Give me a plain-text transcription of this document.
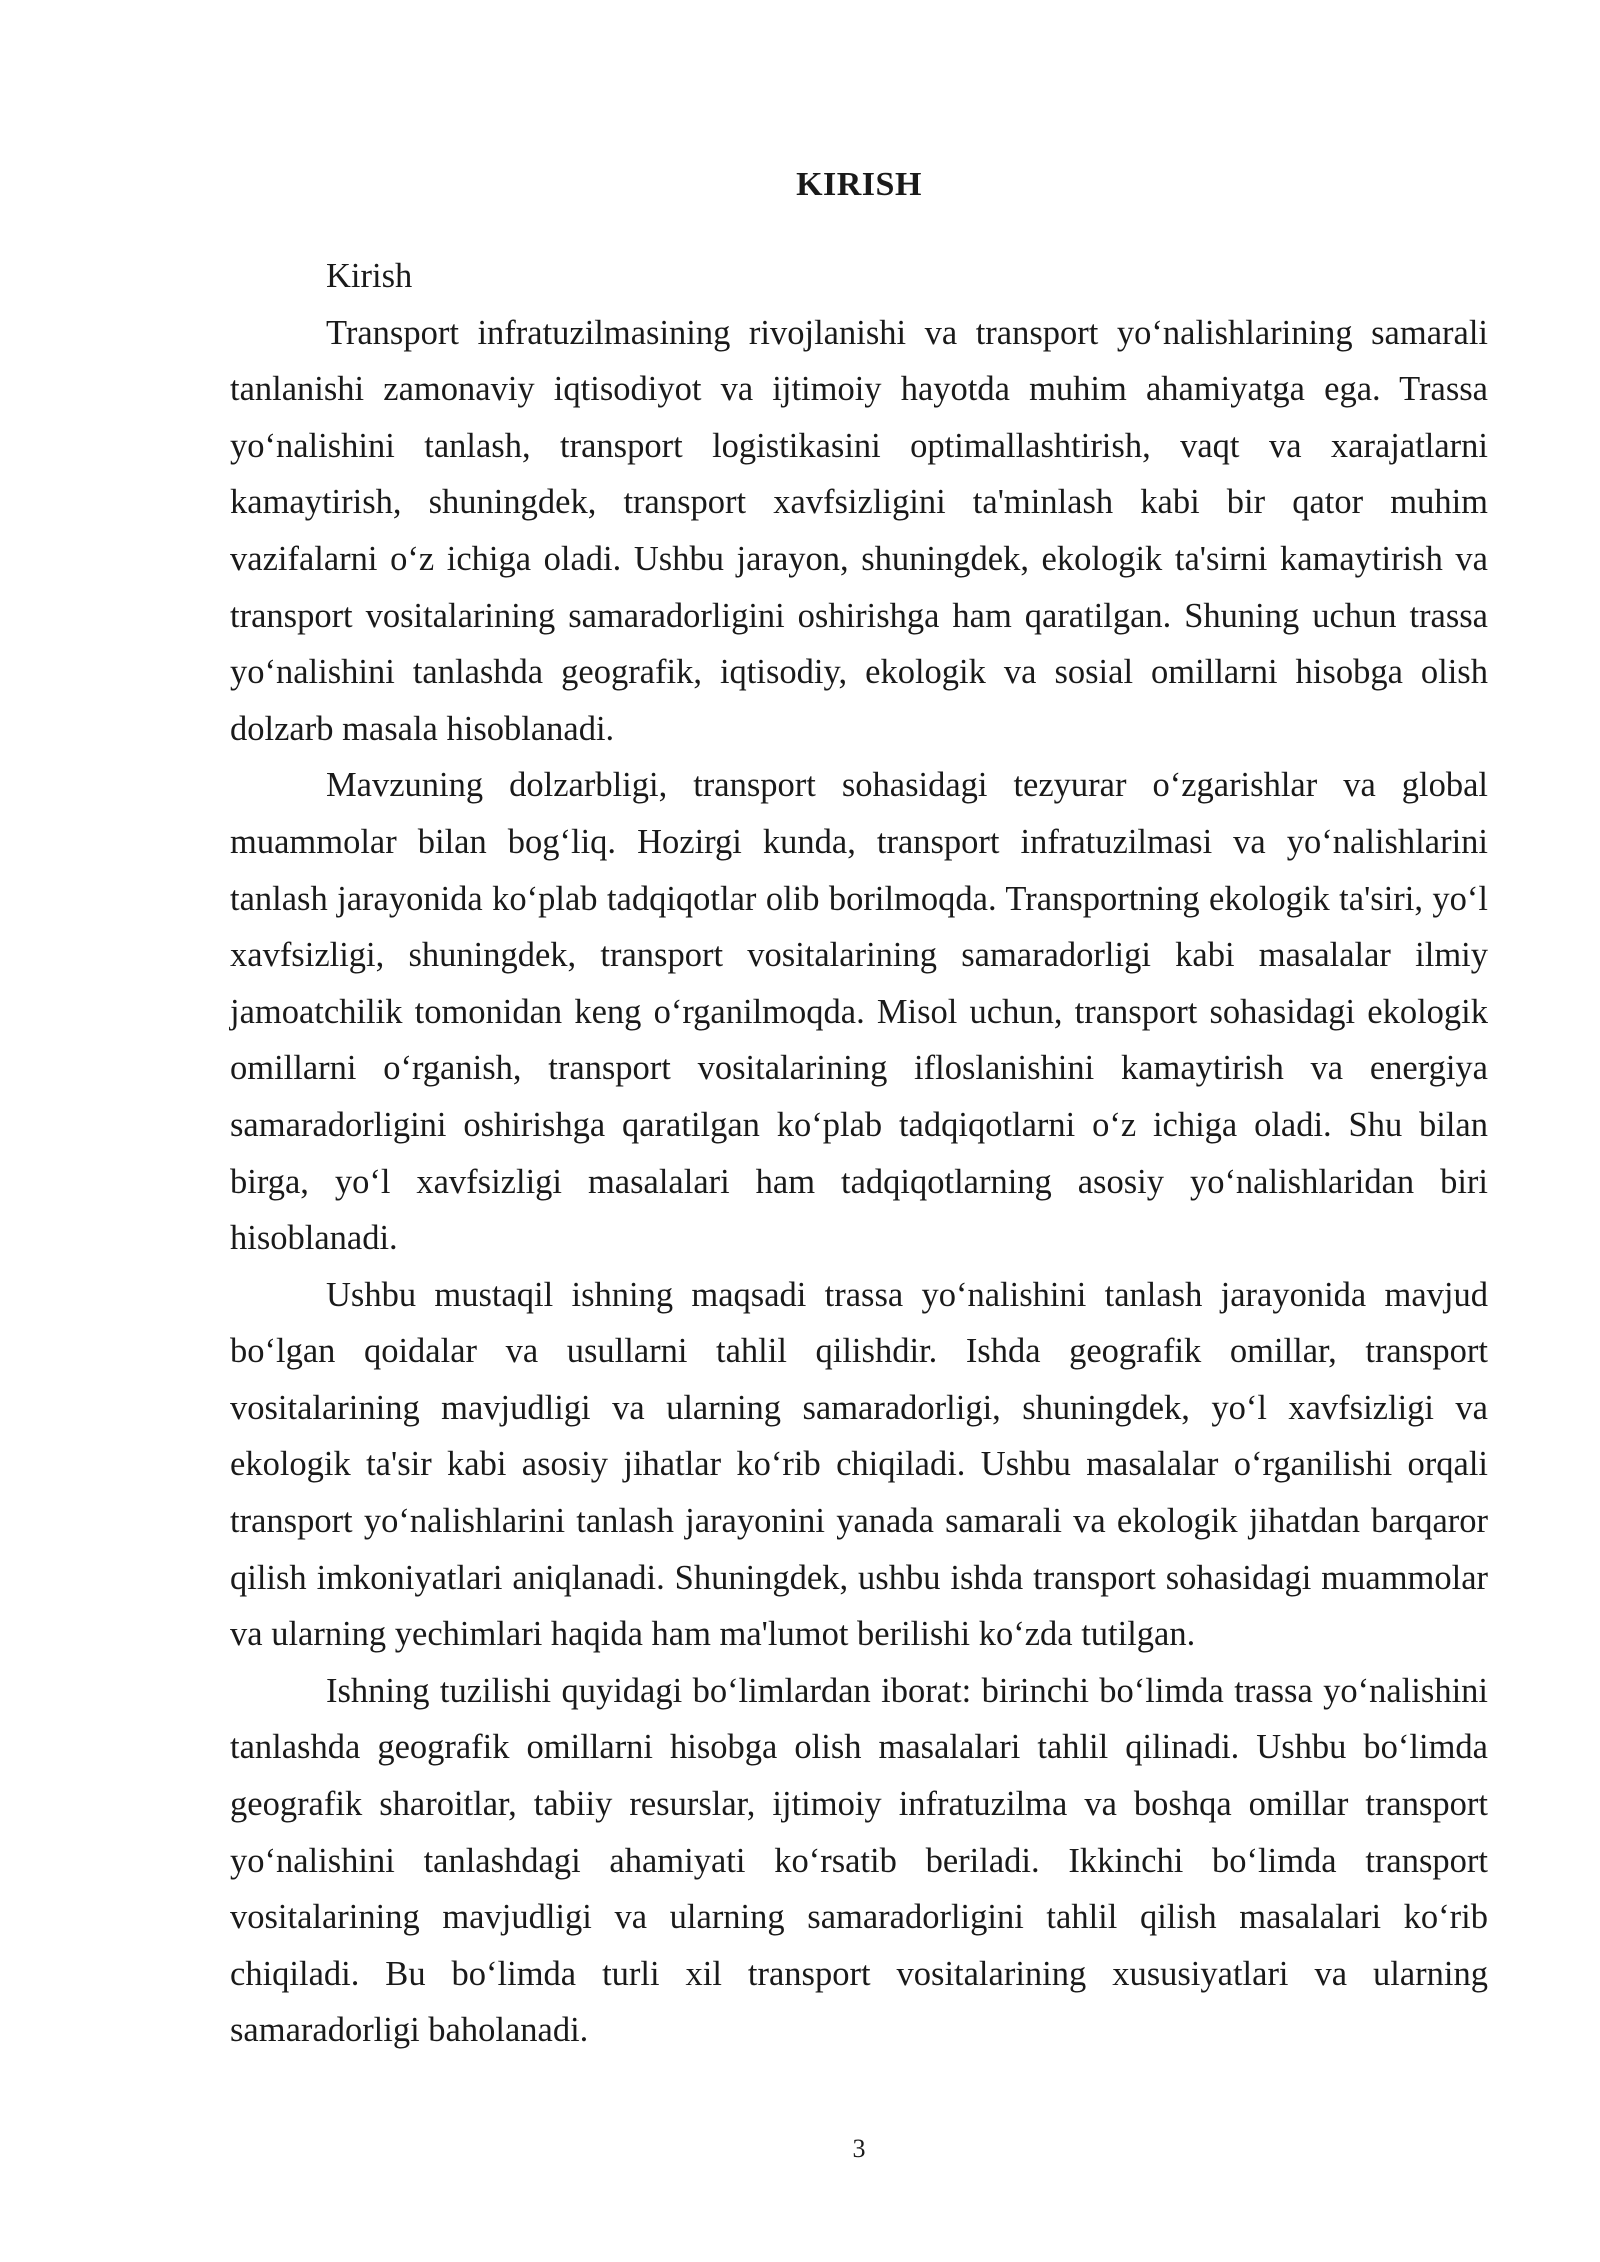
KIRISH

Kirish

Transport infratuzilmasining rivojlanishi va transport yo‘nalishlarining samarali tanlanishi zamonaviy iqtisodiyot va ijtimoiy hayotda muhim ahamiyatga ega. Trassa yo‘nalishini tanlash, transport logistikasini optimallashtirish, vaqt va xarajatlarni kamaytirish, shuningdek, transport xavfsizligini ta'minlash kabi bir qator muhim vazifalarni o‘z ichiga oladi. Ushbu jarayon, shuningdek, ekologik ta'sirni kamaytirish va transport vositalarining samaradorligini oshirishga ham qaratilgan. Shuning uchun trassa yo‘nalishini tanlashda geografik, iqtisodiy, ekologik va sosial omillarni hisobga olish dolzarb masala hisoblanadi.

Mavzuning dolzarbligi, transport sohasidagi tezyurar o‘zgarishlar va global muammolar bilan bog‘liq. Hozirgi kunda, transport infratuzilmasi va yo‘nalishlarini tanlash jarayonida ko‘plab tadqiqotlar olib borilmoqda. Transportning ekologik ta'siri, yo‘l xavfsizligi, shuningdek, transport vositalarining samaradorligi kabi masalalar ilmiy jamoatchilik tomonidan keng o‘rganilmoqda. Misol uchun, transport sohasidagi ekologik omillarni o‘rganish, transport vositalarining ifloslanishini kamaytirish va energiya samaradorligini oshirishga qaratilgan ko‘plab tadqiqotlarni o‘z ichiga oladi. Shu bilan birga, yo‘l xavfsizligi masalalari ham tadqiqotlarning asosiy yo‘nalishlaridan biri hisoblanadi.

Ushbu mustaqil ishning maqsadi trassa yo‘nalishini tanlash jarayonida mavjud bo‘lgan qoidalar va usullarni tahlil qilishdir. Ishda geografik omillar, transport vositalarining mavjudligi va ularning samaradorligi, shuningdek, yo‘l xavfsizligi va ekologik ta'sir kabi asosiy jihatlar ko‘rib chiqiladi. Ushbu masalalar o‘rganilishi orqali transport yo‘nalishlarini tanlash jarayonini yanada samarali va ekologik jihatdan barqaror qilish imkoniyatlari aniqlanadi. Shuningdek, ushbu ishda transport sohasidagi muammolar va ularning yechimlari haqida ham ma'lumot berilishi ko‘zda tutilgan.

Ishning tuzilishi quyidagi bo‘limlardan iborat: birinchi bo‘limda trassa yo‘nalishini tanlashda geografik omillarni hisobga olish masalalari tahlil qilinadi. Ushbu bo‘limda geografik sharoitlar, tabiiy resurslar, ijtimoiy infratuzilma va boshqa omillar transport yo‘nalishini tanlashdagi ahamiyati ko‘rsatib beriladi. Ikkinchi bo‘limda transport vositalarining mavjudligi va ularning samaradorligini tahlil qilish masalalari ko‘rib chiqiladi. Bu bo‘limda turli xil transport vositalarining xususiyatlari va ularning samaradorligi baholanadi.

3
